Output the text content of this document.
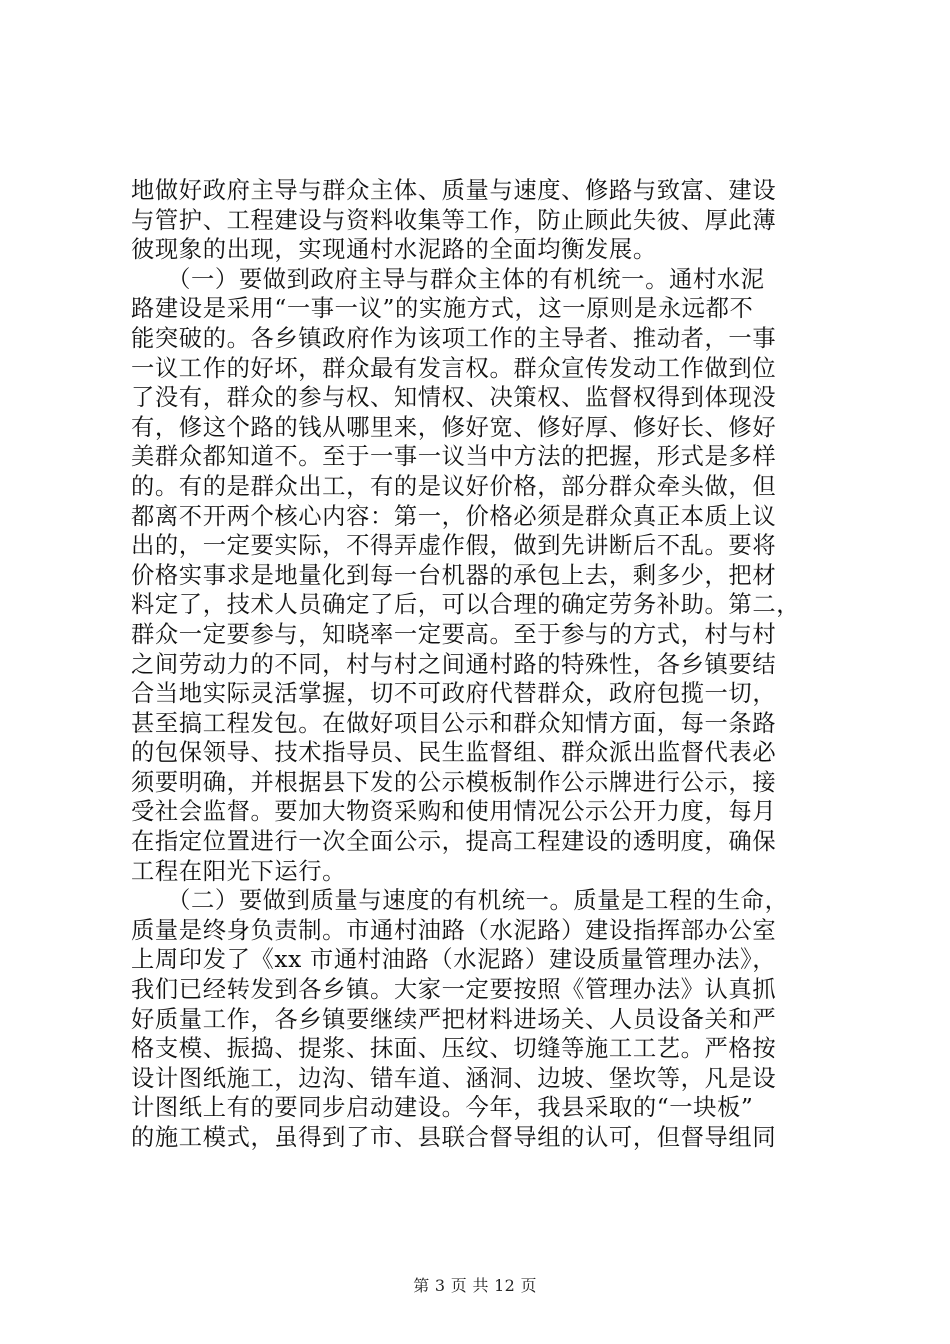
地做好政府主导与群众主体、质量与速度、修路与致富、建设
与管护、工程建设与资料收集等工作，防止顾此失彼、厚此薄
彼现象的出现，实现通村水泥路的全面均衡发展。
　　（一）要做到政府主导与群众主体的有机统一。通村水泥
路建设是采用“一事一议”的实施方式，这一原则是永远都不
能突破的。各乡镇政府作为该项工作的主导者、推动者，一事
一议工作的好坏，群众最有发言权。群众宣传发动工作做到位
了没有，群众的参与权、知情权、决策权、监督权得到体现没
有，修这个路的钱从哪里来，修好宽、修好厚、修好长、修好
美群众都知道不。至于一事一议当中方法的把握，形式是多样
的。有的是群众出工，有的是议好价格，部分群众牵头做，但
都离不开两个核心内容：第一，价格必须是群众真正本质上议
出的，一定要实际，不得弄虚作假，做到先讲断后不乱。要将
价格实事求是地量化到每一台机器的承包上去，剩多少，把材
料定了，技术人员确定了后，可以合理的确定劳务补助。第二，
群众一定要参与，知晓率一定要高。至于参与的方式，村与村
之间劳动力的不同，村与村之间通村路的特殊性，各乡镇要结
合当地实际灵活掌握，切不可政府代替群众，政府包揽一切，
甚至搞工程发包。在做好项目公示和群众知情方面，每一条路
的包保领导、技术指导员、民生监督组、群众派出监督代表必
须要明确，并根据县下发的公示模板制作公示牌进行公示，接
受社会监督。要加大物资采购和使用情况公示公开力度，每月
在指定位置进行一次全面公示，提高工程建设的透明度，确保
工程在阳光下运行。
　　（二）要做到质量与速度的有机统一。质量是工程的生命，
质量是终身负责制。市通村油路（水泥路）建设指挥部办公室
上周印发了《xx 市通村油路（水泥路）建设质量管理办法》，
我们已经转发到各乡镇。大家一定要按照《管理办法》认真抓
好质量工作，各乡镇要继续严把材料进场关、人员设备关和严
格支模、振捣、提浆、抹面、压纹、切缝等施工工艺。严格按
设计图纸施工，边沟、错车道、涵洞、边坡、堡坎等，凡是设
计图纸上有的要同步启动建设。今年，我县采取的“一块板”
的施工模式，虽得到了市、县联合督导组的认可，但督导组同
第 3 页 共 12 页
